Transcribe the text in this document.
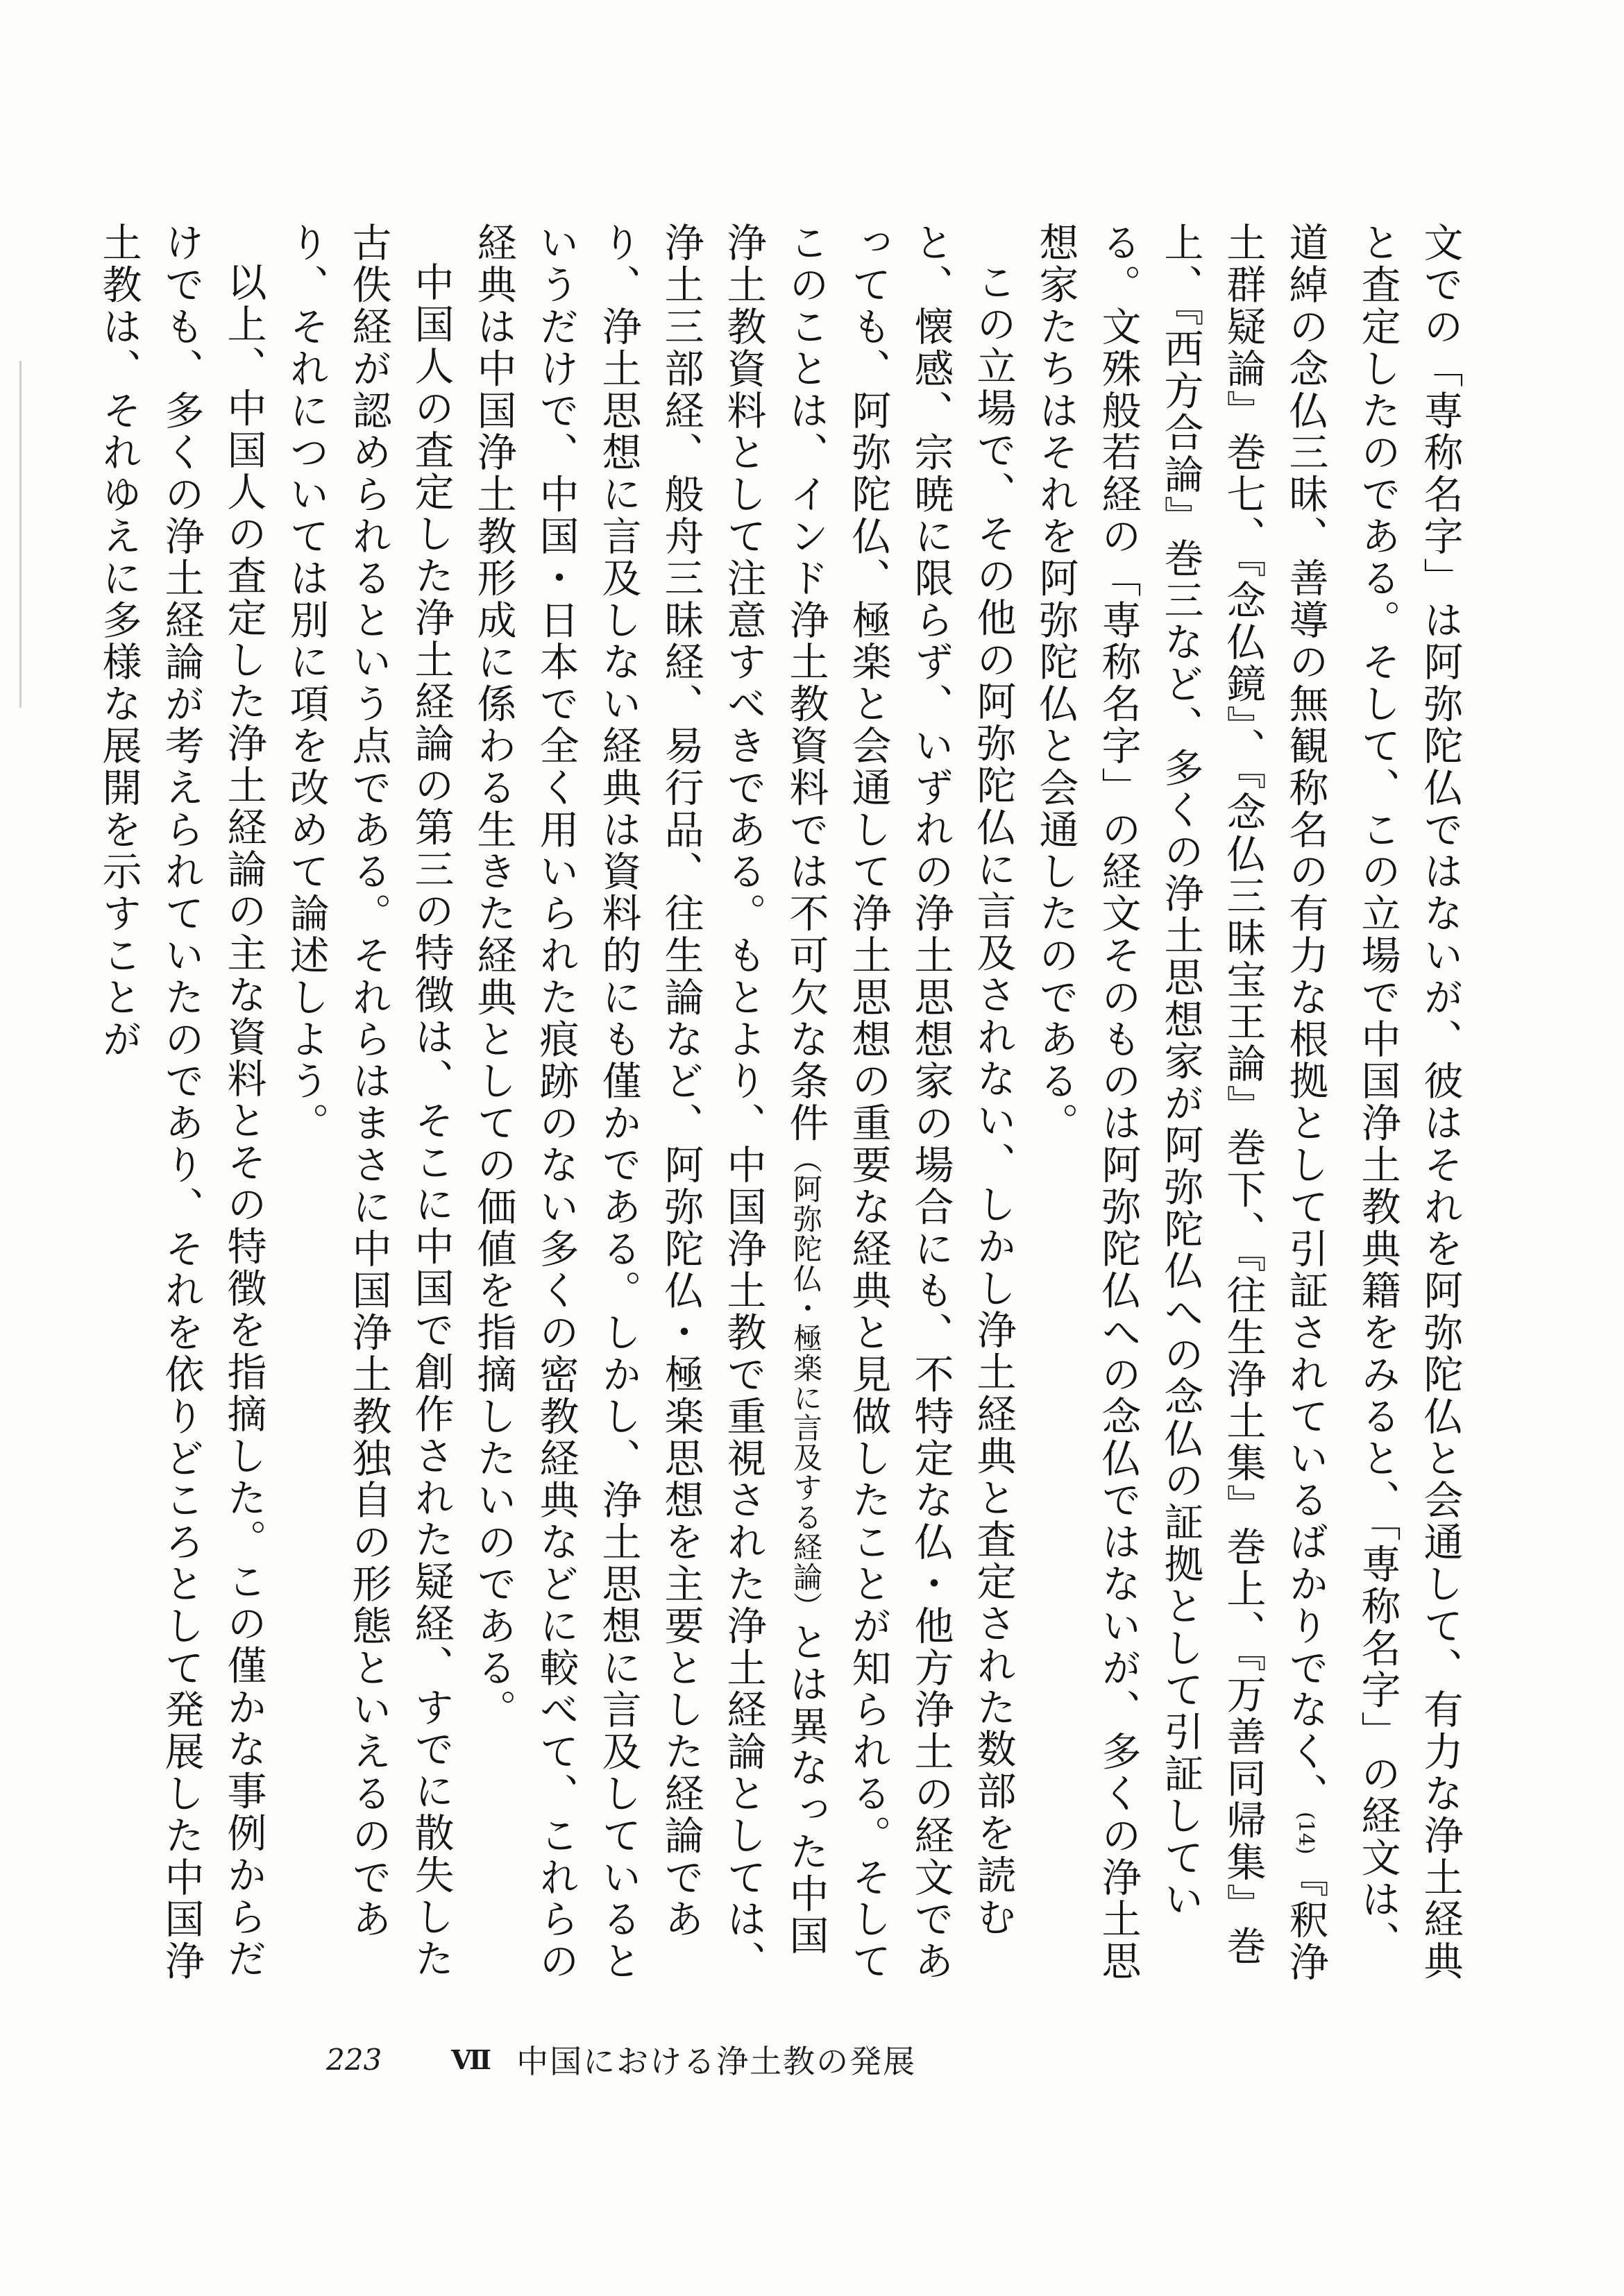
文での「専称名字」は阿弥陀仏ではないが、彼はそれを阿弥陀仏と会通して、有力な浄土経典と査定したのである。そして、この立場で中国浄土教典籍をみると、「専称名字」の経文は、道綽の念仏三昧、善導の無観称名の有力な根拠として引証されているばかりでなく、(14)『釈浄土群疑論』巻七、『念仏鏡』、『念仏三昧宝王論』巻下、『往生浄土集』巻上、『万善同帰集』巻上、『西方合論』巻三など、多くの浄土思想家が阿弥陀仏への念仏の証拠として引証している。文殊般若経の「専称名字」の経文そのものは阿弥陀仏への念仏ではないが、多くの浄土思想家たちはそれを阿弥陀仏と会通したのである。

この立場で、その他の阿弥陀仏に言及されない、しかし浄土経典と査定された数部を読むと、懐感、宗暁に限らず、いずれの浄土思想家の場合にも、不特定な仏・他方浄土の経文であっても、阿弥陀仏、極楽と会通して浄土思想の重要な経典と見做したことが知られる。そしてこのことは、インド浄土教資料では不可欠な条件（阿弥陀仏・極楽に言及する経論）とは異なった中国浄土教資料として注意すべきである。もとより、中国浄土教で重視された浄土経論としては、浄土三部経、般舟三昧経、易行品、往生論など、阿弥陀仏・極楽思想を主要とした経論であり、浄土思想に言及しない経典は資料的にも僅かである。しかし、浄土思想に言及しているというだけで、中国・日本で全く用いられた痕跡のない多くの密教経典などに較べて、これらの経典は中国浄土教形成に係わる生きた経典としての価値を指摘したいのである。

中国人の査定した浄土経論の第三の特徴は、そこに中国で創作された疑経、すでに散失した古佚経が認められるという点である。それらはまさに中国浄土教独自の形態といえるのであり、それについては別に項を改めて論述しよう。

以上、中国人の査定した浄土経論の主な資料とその特徴を指摘した。この僅かな事例からだけでも、多くの浄土経論が考えられていたのであり、それを依りどころとして発展した中国浄土教は、それゆえに多様な展開を示すことが

223	Ⅶ 中国における浄土教の発展
